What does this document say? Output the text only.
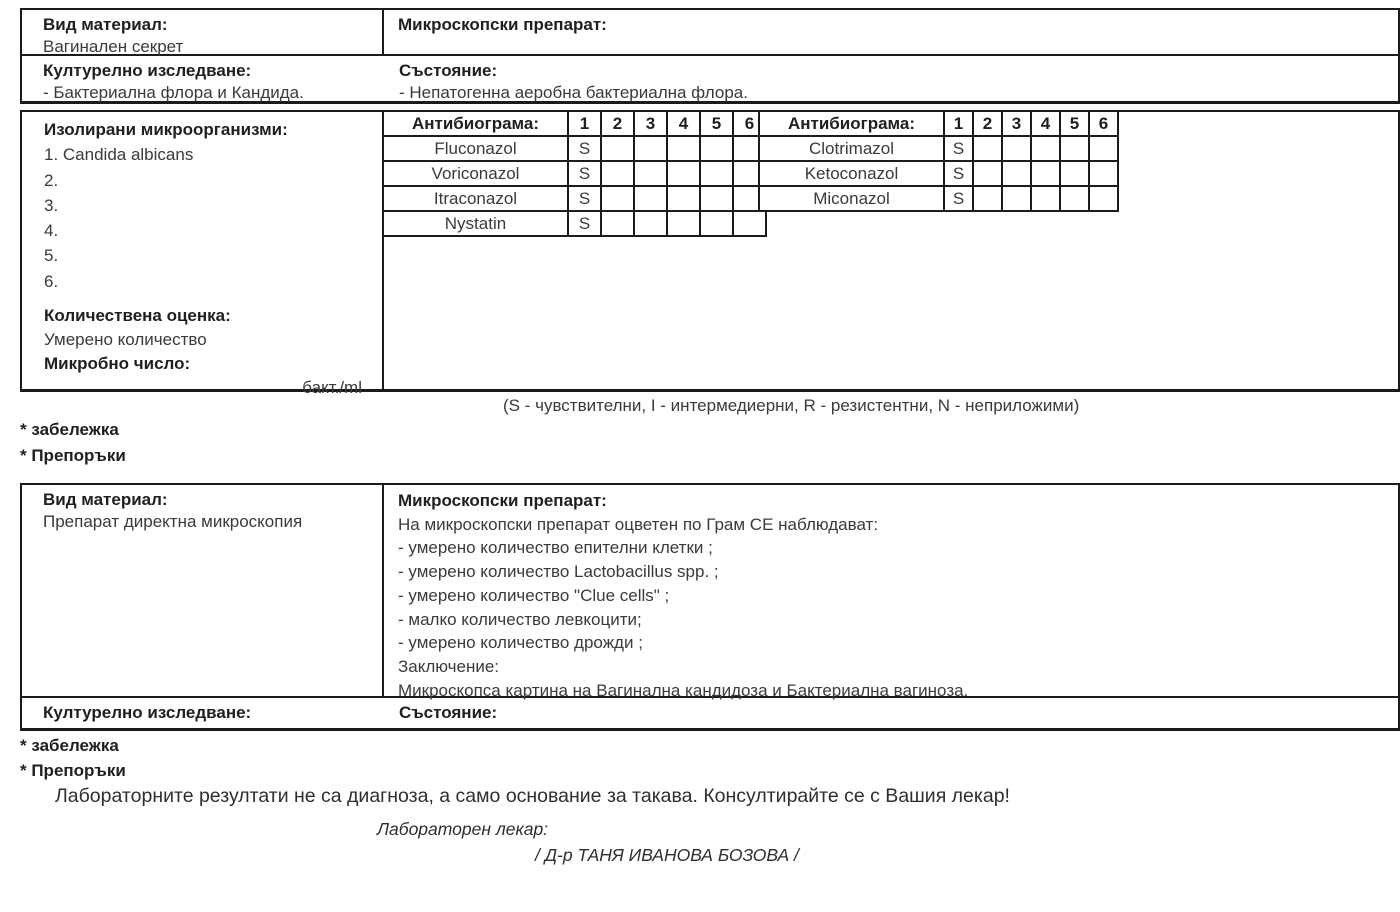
Вид материал:
Вагинален секрет
Микроскопски препарат:
Културелно изследване:
- Бактериална флора и Кандида.
Състояние:
- Непатогенна аеробна бактериална флора.
Изолирани микроорганизми:
1. Candida albicans
2.
3.
4.
5.
6.
Количествена оценка:
Умерено количество
Микробно число:
бакт./ml
Антибиограма:	1	2	3	4	5	6
Fluconazol	S					
Voriconazol	S					
Itraconazol	S					
Nystatin	S					
Антибиограма:	1	2	3	4	5	6
Clotrimazol	S					
Ketoconazol	S					
Miconazol	S					
(S - чувствителни, I - интермедиерни, R - резистентни, N - неприложими)
* забележка
* Препоръки
Вид материал:
Препарат директна микроскопия
Микроскопски препарат:
На микроскопски препарат оцветен по Грам СЕ наблюдават:
- умерено количество епителни клетки ;
- умерено количество Lactobacillus spp. ;
- умерено количество "Clue cells" ;
- малко количество левкоцити;
- умерено количество дрожди ;
Заключение:
Микроскопса картина на Вагинална кандидоза и Бактериална вагиноза.
Културелно изследване:	Състояние:
* забележка
* Препоръки
Лабораторните резултати не са диагноза, а само основание за такава. Консултирайте се с Вашия лекар!
Лабораторен лекар:
/ Д-р ТАНЯ ИВАНОВА БОЗОВА /
